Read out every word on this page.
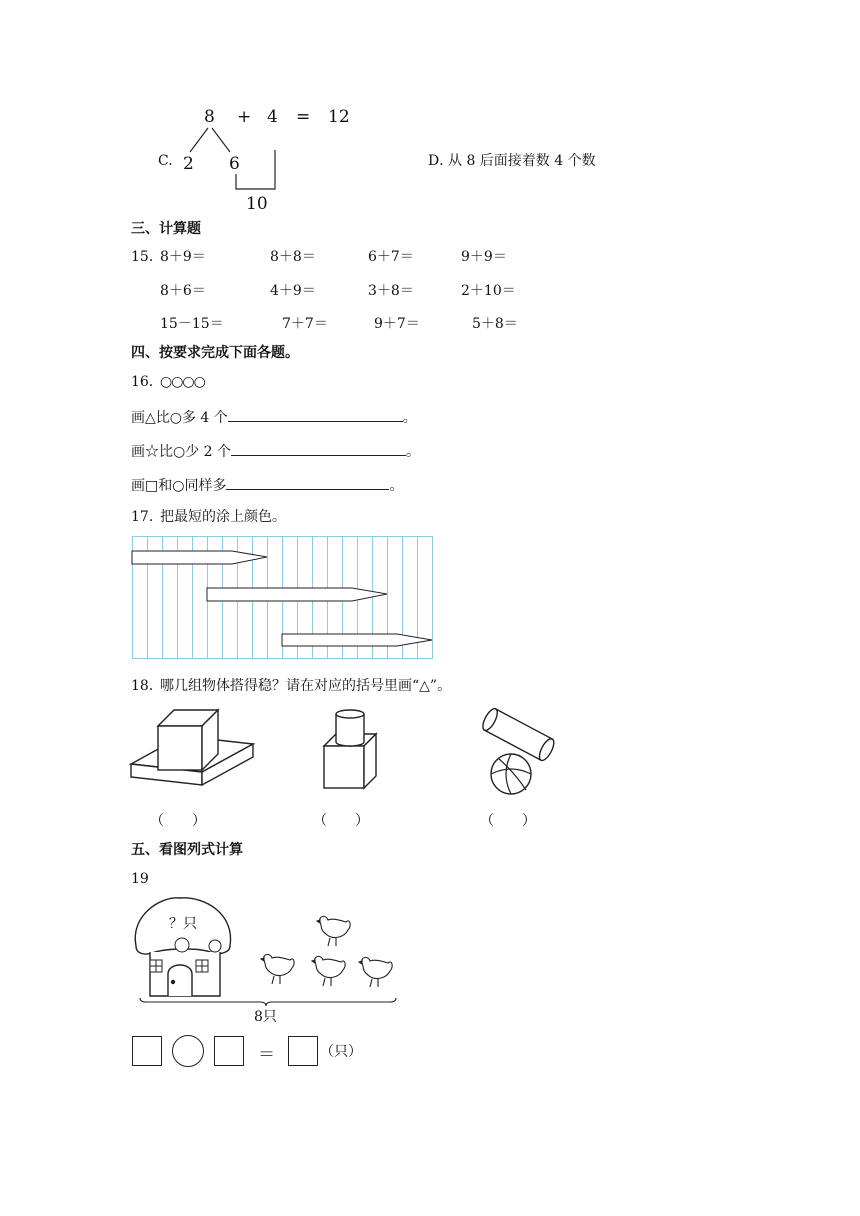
C.
8 + 4 = 12
2 6
10
D．
从 8 后面接着数 4 个数
三、计算题
15．
8＋9＝	8＋8＝	6＋7＝	9＋9＝
8＋6＝	4＋9＝	3＋8＝	2＋10＝
15－15＝	7＋7＝	9＋7＝	5＋8＝
四、按要求完成下面各题。
16．
○○○○
画△比○多 4 个	。
画☆比○少 2 个	。
画□和○同样多	。
17．
把最短的涂上颜色。
18．
哪几组物体搭得稳？请在对应的括号里画“△”。
（　　）	（　　）	（　　）
五、看图列式计算
19
？只
8只
＝	（只）
